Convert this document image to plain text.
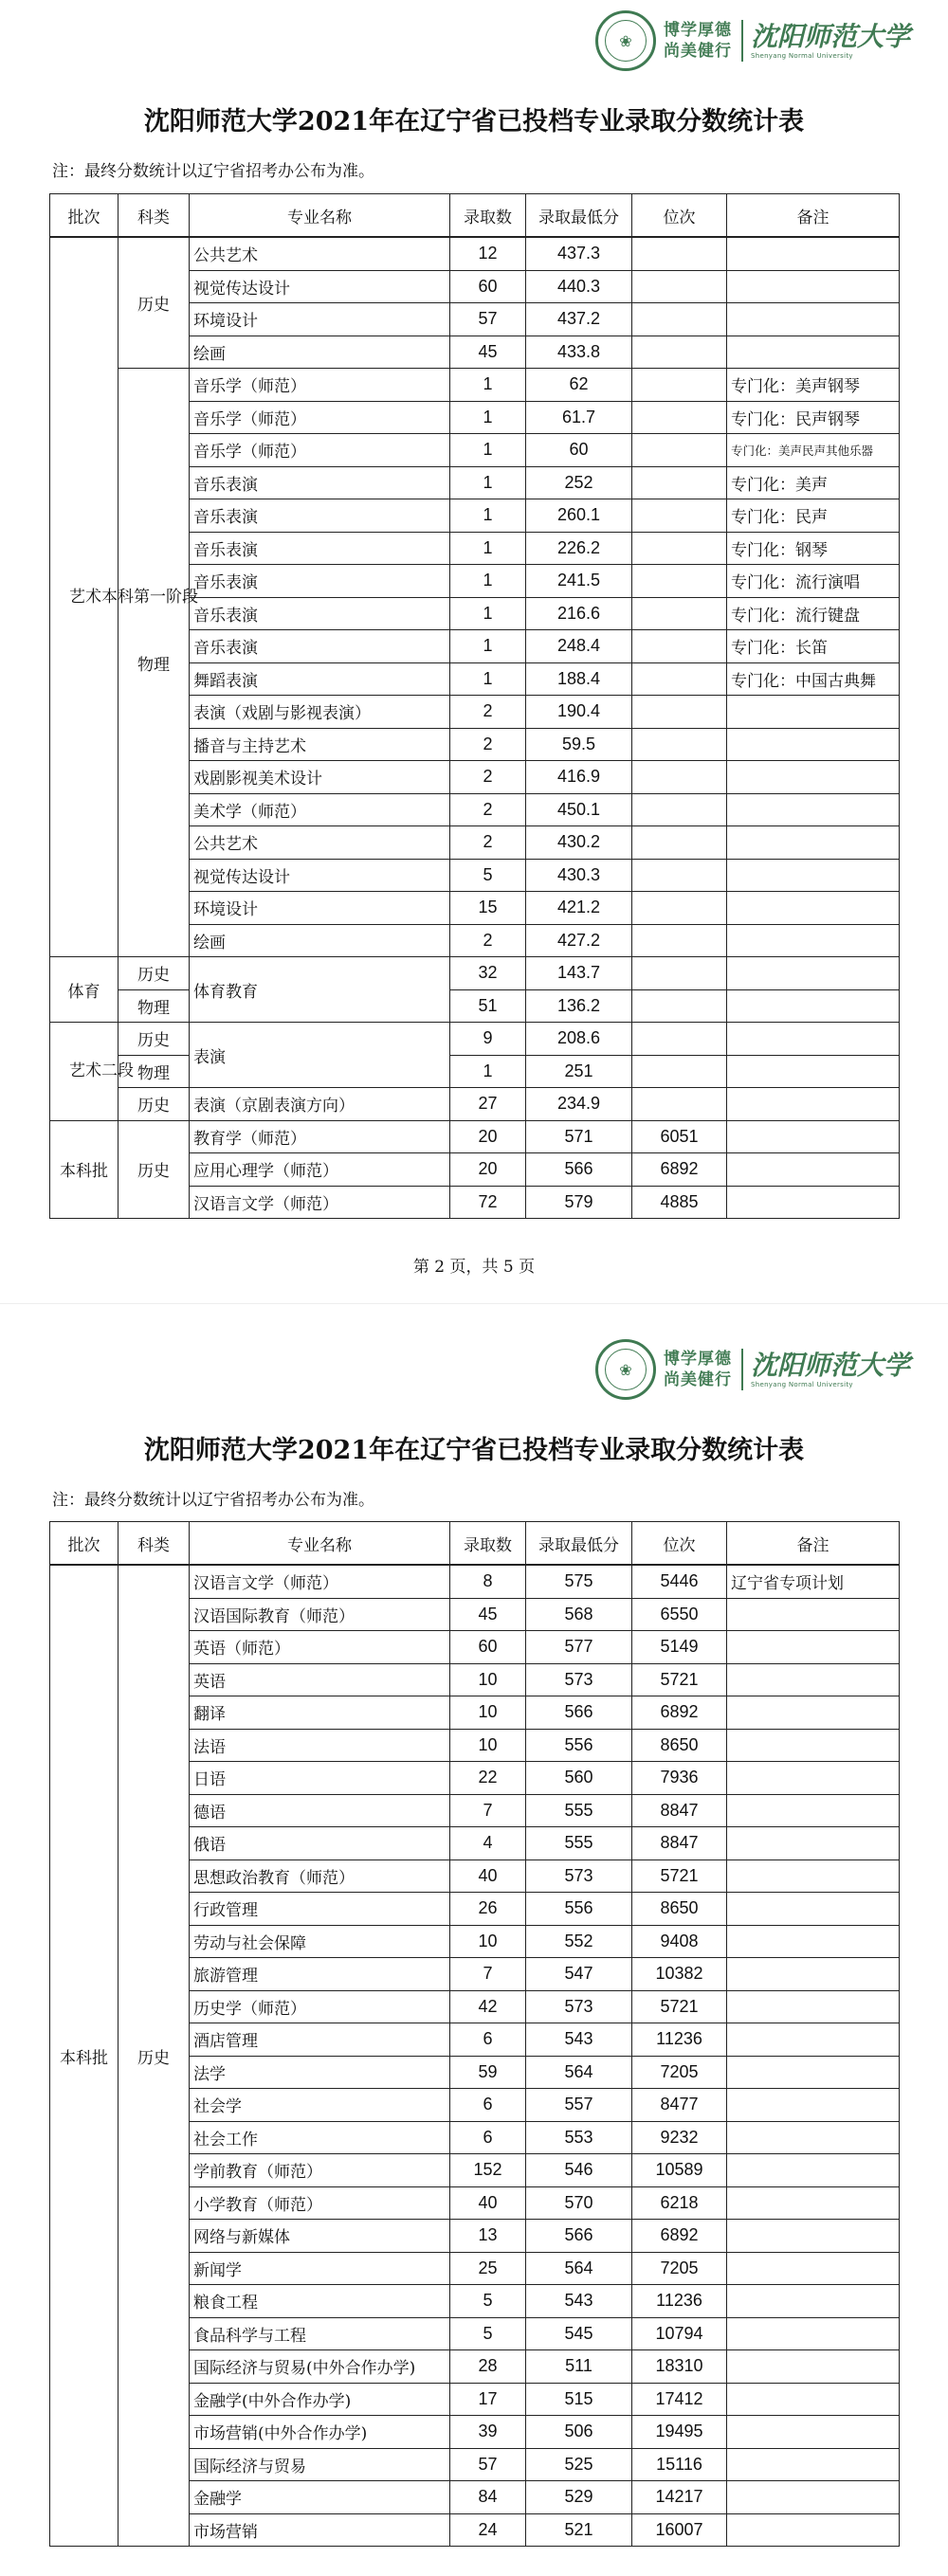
❀
博学厚德
尚美健行 沈阳师范大学
Shenyang Normal University
沈阳师范大学2021年在辽宁省已投档专业录取分数统计表
注：最终分数统计以辽宁省招考办公布为准。
批次	科类	专业名称	录取数	录取最低分	位次	备注
艺术本科第一阶段	历史	公共艺术	12	437.3		
		视觉传达设计	60	440.3		
		环境设计	57	437.2		
		绘画	45	433.8		
	物理	音乐学（师范）	1	62		专门化：美声钢琴
		音乐学（师范）	1	61.7		专门化：民声钢琴
		音乐学（师范）	1	60		专门化：美声民声其他乐器
		音乐表演	1	252		专门化：美声
		音乐表演	1	260.1		专门化：民声
		音乐表演	1	226.2		专门化：钢琴
		音乐表演	1	241.5		专门化：流行演唱
		音乐表演	1	216.6		专门化：流行键盘
		音乐表演	1	248.4		专门化：长笛
		舞蹈表演	1	188.4		专门化：中国古典舞
		表演（戏剧与影视表演）	2	190.4		
		播音与主持艺术	2	59.5		
		戏剧影视美术设计	2	416.9		
		美术学（师范）	2	450.1		
		公共艺术	2	430.2		
		视觉传达设计	5	430.3		
		环境设计	15	421.2		
		绘画	2	427.2		
体育	历史	体育教育	32	143.7		
	物理		51	136.2		
艺术二段	历史	表演	9	208.6		
	物理		1	251		
	历史	表演（京剧表演方向）	27	234.9		
本科批	历史	教育学（师范）	20	571	6051	
		应用心理学（师范）	20	566	6892	
		汉语言文学（师范）	72	579	4885	
第 2 页，共 5 页
❀
博学厚德
尚美健行 沈阳师范大学
Shenyang Normal University
沈阳师范大学2021年在辽宁省已投档专业录取分数统计表
注：最终分数统计以辽宁省招考办公布为准。
批次	科类	专业名称	录取数	录取最低分	位次	备注
本科批	历史	汉语言文学（师范）	8	575	5446	辽宁省专项计划
		汉语国际教育（师范）	45	568	6550	
		英语（师范）	60	577	5149	
		英语	10	573	5721	
		翻译	10	566	6892	
		法语	10	556	8650	
		日语	22	560	7936	
		德语	7	555	8847	
		俄语	4	555	8847	
		思想政治教育（师范）	40	573	5721	
		行政管理	26	556	8650	
		劳动与社会保障	10	552	9408	
		旅游管理	7	547	10382	
		历史学（师范）	42	573	5721	
		酒店管理	6	543	11236	
		法学	59	564	7205	
		社会学	6	557	8477	
		社会工作	6	553	9232	
		学前教育（师范）	152	546	10589	
		小学教育（师范）	40	570	6218	
		网络与新媒体	13	566	6892	
		新闻学	25	564	7205	
		粮食工程	5	543	11236	
		食品科学与工程	5	545	10794	
		国际经济与贸易(中外合作办学)	28	511	18310	
		金融学(中外合作办学)	17	515	17412	
		市场营销(中外合作办学)	39	506	19495	
		国际经济与贸易	57	525	15116	
		金融学	84	529	14217	
		市场营销	24	521	16007	
